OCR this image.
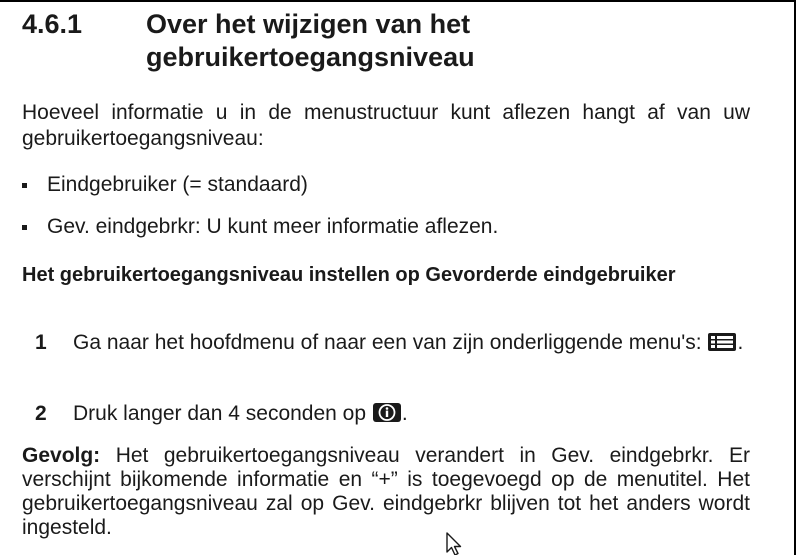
4.6.1 Over het wijzigen van het gebruikertoegangsniveau

Hoeveel informatie u in de menustructuur kunt aflezen hangt af van uw gebruikertoegangsniveau:

Eindgebruiker (= standaard)
Gev. eindgebrkr: U kunt meer informatie aflezen.
Het gebruikertoegangsniveau instellen op Gevorderde eindgebruiker
1 Ga naar het hoofdmenu of naar een van zijn onderliggende menu's: .
2 Druk langer dan 4 seconden op .

Gevolg: Het gebruikertoegangsniveau verandert in Gev. eindgebrkr. Er verschijnt bijkomende informatie en “+” is toegevoegd op de menutitel. Het gebruikertoegangsniveau zal op Gev. eindgebrkr blijven tot het anders wordt ingesteld.
